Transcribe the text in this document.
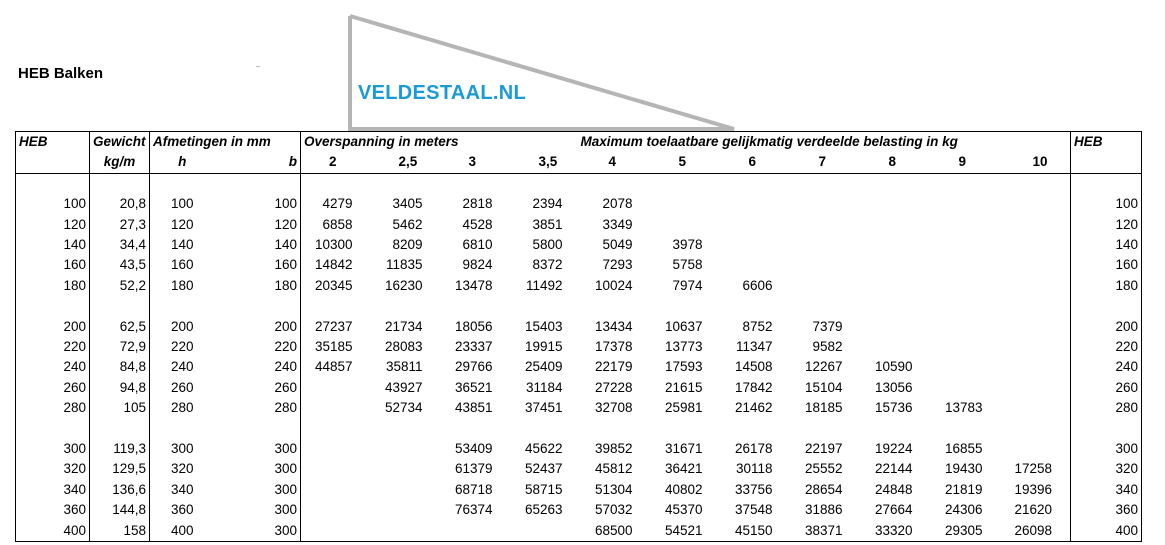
HEB Balken
VELDESTAAL.NL
HEB	Gewicht	Afmetingen in mm		Overspanning in meters				Maximum toelaatbare gelijkmatig verdeelde belasting in kg							HEB
	kg/m	h	b	2	2,5	3	3,5	4	5	6	7	8	9	10	

100	20,8	100	100	4279	3405	2818	2394	2078							100
120	27,3	120	120	6858	5462	4528	3851	3349							120
140	34,4	140	140	10300	8209	6810	5800	5049	3978						140
160	43,5	160	160	14842	11835	9824	8372	7293	5758						160
180	52,2	180	180	20345	16230	13478	11492	10024	7974	6606					180

200	62,5	200	200	27237	21734	18056	15403	13434	10637	8752	7379				200
220	72,9	220	220	35185	28083	23337	19915	17378	13773	11347	9582				220
240	84,8	240	240	44857	35811	29766	25409	22179	17593	14508	12267	10590			240
260	94,8	260	260		43927	36521	31184	27228	21615	17842	15104	13056			260
280	105	280	280		52734	43851	37451	32708	25981	21462	18185	15736	13783		280

300	119,3	300	300			53409	45622	39852	31671	26178	22197	19224	16855		300
320	129,5	320	300			61379	52437	45812	36421	30118	25552	22144	19430	17258	320
340	136,6	340	300			68718	58715	51304	40802	33756	28654	24848	21819	19396	340
360	144,8	360	300			76374	65263	57032	45370	37548	31886	27664	24306	21620	360
400	158	400	300					68500	54521	45150	38371	33320	29305	26098	400
